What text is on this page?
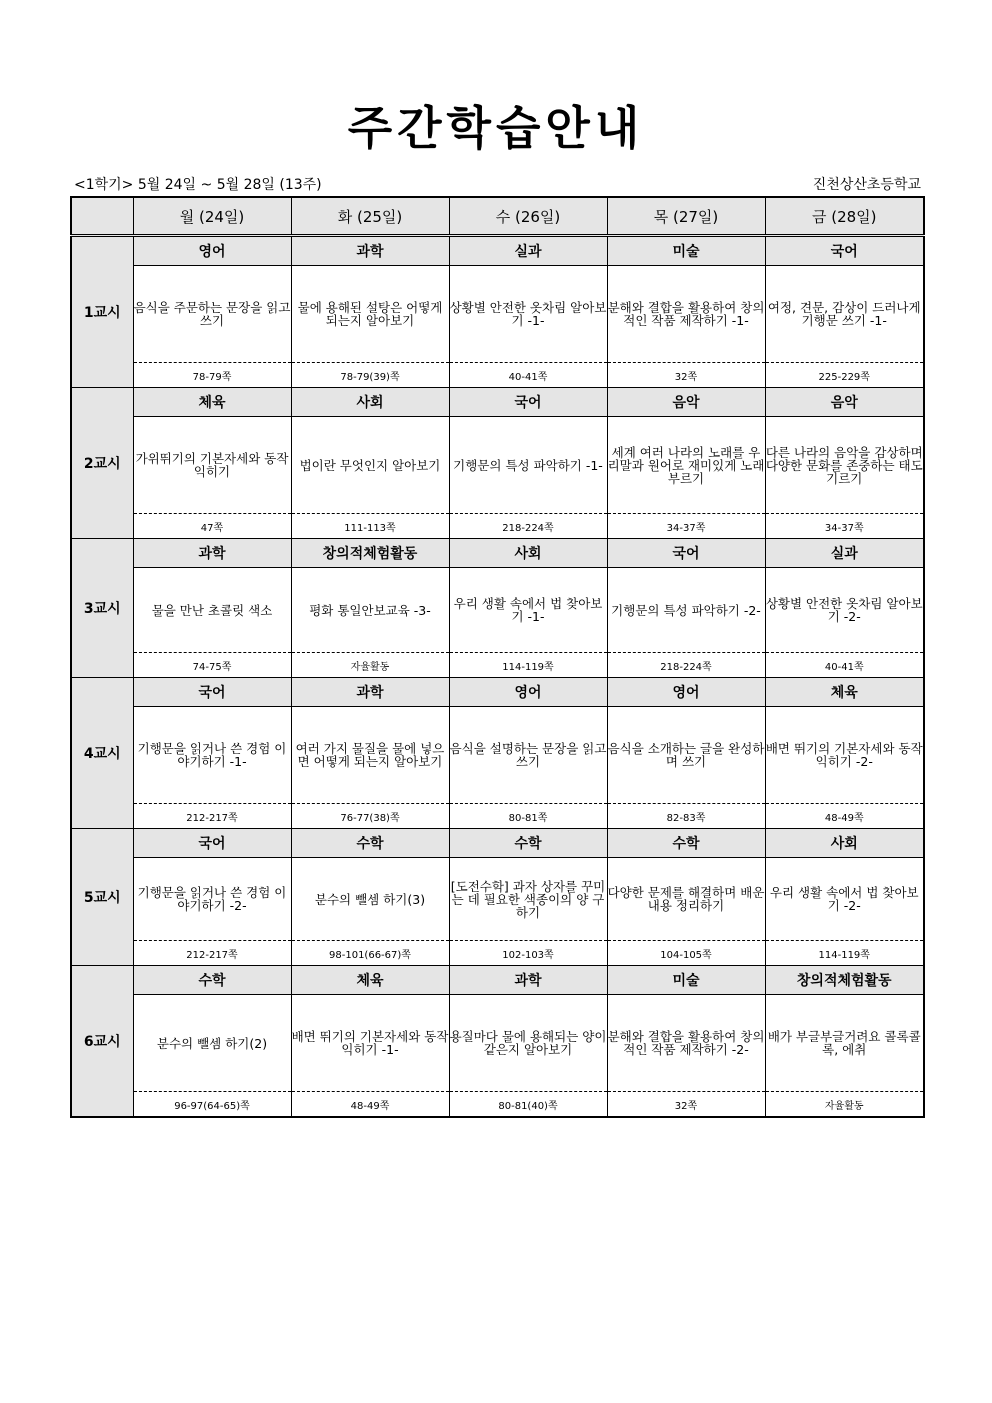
주간학습안내
<1학기> 5월 24일 ~ 5월 28일 (13주)	진천상산초등학교
	월 (24일)	화 (25일)	수 (26일)	목 (27일)	금 (28일)
1교시	영어	과학	실과	미술	국어
	음식을 주문하는 문장을 읽고 쓰기	물에 용해된 설탕은 어떻게 되는지 알아보기	상황별 안전한 옷차림 알아보기 -1-	분해와 결합을 활용하여 창의적인 작품 제작하기 -1-	여정, 견문, 감상이 드러나게 기행문 쓰기 -1-
	78-79쪽	78-79(39)쪽	40-41쪽	32쪽	225-229쪽
2교시	체육	사회	국어	음악	음악
	가위뛰기의 기본자세와 동작 익히기	법이란 무엇인지 알아보기	기행문의 특성 파악하기 -1-	세계 여러 나라의 노래를 우리말과 원어로 재미있게 노래 부르기	다른 나라의 음악을 감상하며 다양한 문화를 존중하는 태도 기르기
	47쪽	111-113쪽	218-224쪽	34-37쪽	34-37쪽
3교시	과학	창의적체험활동	사회	국어	실과
	물을 만난 초콜릿 색소	평화 통일안보교육 -3-	우리 생활 속에서 법 찾아보기 -1-	기행문의 특성 파악하기 -2-	상황별 안전한 옷차림 알아보기 -2-
	74-75쪽	자율활동	114-119쪽	218-224쪽	40-41쪽
4교시	국어	과학	영어	영어	체육
	기행문을 읽거나 쓴 경험 이야기하기 -1-	여러 가지 물질을 물에 넣으면 어떻게 되는지 알아보기	음식을 설명하는 문장을 읽고 쓰기	음식을 소개하는 글을 완성하며 쓰기	배면 뛰기의 기본자세와 동작 익히기 -2-
	212-217쪽	76-77(38)쪽	80-81쪽	82-83쪽	48-49쪽
5교시	국어	수학	수학	수학	사회
	기행문을 읽거나 쓴 경험 이야기하기 -2-	분수의 뺄셈 하기(3)	[도전수학] 과자 상자를 꾸미는 데 필요한 색종이의 양 구하기	다양한 문제를 해결하며 배운 내용 정리하기	우리 생활 속에서 법 찾아보기 -2-
	212-217쪽	98-101(66-67)쪽	102-103쪽	104-105쪽	114-119쪽
6교시	수학	체육	과학	미술	창의적체험활동
	분수의 뺄셈 하기(2)	배면 뛰기의 기본자세와 동작 익히기 -1-	용질마다 물에 용해되는 양이 같은지 알아보기	분해와 결합을 활용하여 창의적인 작품 제작하기 -2-	배가 부글부글거려요 콜록콜록, 에취
	96-97(64-65)쪽	48-49쪽	80-81(40)쪽	32쪽	자율활동
